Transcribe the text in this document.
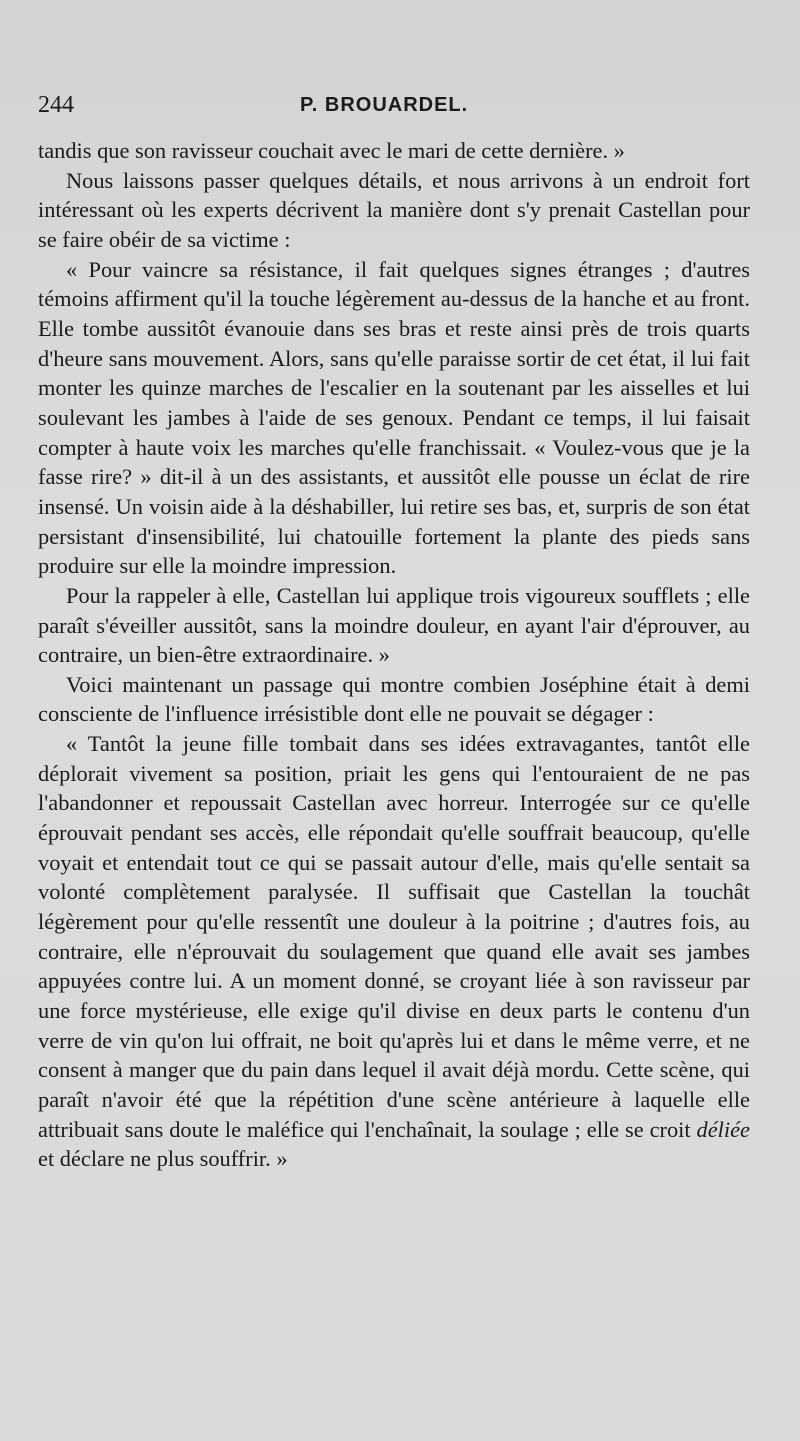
244	P. BROUARDEL.

tandis que son ravisseur couchait avec le mari de cette dernière. »

Nous laissons passer quelques détails, et nous arrivons à un endroit fort intéressant où les experts décrivent la manière dont s'y prenait Castellan pour se faire obéir de sa victime :

« Pour vaincre sa résistance, il fait quelques signes étranges ; d'autres témoins affirment qu'il la touche légèrement au-dessus de la hanche et au front. Elle tombe aussitôt évanouie dans ses bras et reste ainsi près de trois quarts d'heure sans mouvement. Alors, sans qu'elle paraisse sortir de cet état, il lui fait monter les quinze marches de l'escalier en la soutenant par les aisselles et lui soulevant les jambes à l'aide de ses genoux. Pendant ce temps, il lui faisait compter à haute voix les marches qu'elle franchissait. « Voulez-vous que je la fasse rire? » dit-il à un des assistants, et aussitôt elle pousse un éclat de rire insensé. Un voisin aide à la déshabiller, lui retire ses bas, et, surpris de son état persistant d'insensibilité, lui chatouille fortement la plante des pieds sans produire sur elle la moindre impression.

Pour la rappeler à elle, Castellan lui applique trois vigoureux soufflets ; elle paraît s'éveiller aussitôt, sans la moindre douleur, en ayant l'air d'éprouver, au contraire, un bien-être extraordinaire. »

Voici maintenant un passage qui montre combien Joséphine était à demi consciente de l'influence irrésistible dont elle ne pouvait se dégager :

« Tantôt la jeune fille tombait dans ses idées extravagantes, tantôt elle déplorait vivement sa position, priait les gens qui l'entouraient de ne pas l'abandonner et repoussait Castellan avec horreur. Interrogée sur ce qu'elle éprouvait pendant ses accès, elle répondait qu'elle souffrait beaucoup, qu'elle voyait et entendait tout ce qui se passait autour d'elle, mais qu'elle sentait sa volonté complètement paralysée. Il suffisait que Castellan la touchât légèrement pour qu'elle ressentît une douleur à la poitrine ; d'autres fois, au contraire, elle n'éprouvait du soulagement que quand elle avait ses jambes appuyées contre lui. A un moment donné, se croyant liée à son ravisseur par une force mystérieuse, elle exige qu'il divise en deux parts le contenu d'un verre de vin qu'on lui offrait, ne boit qu'après lui et dans le même verre, et ne consent à manger que du pain dans lequel il avait déjà mordu. Cette scène, qui paraît n'avoir été que la répétition d'une scène antérieure à laquelle elle attribuait sans doute le maléfice qui l'enchaînait, la soulage ; elle se croit déliée et déclare ne plus souffrir. »
